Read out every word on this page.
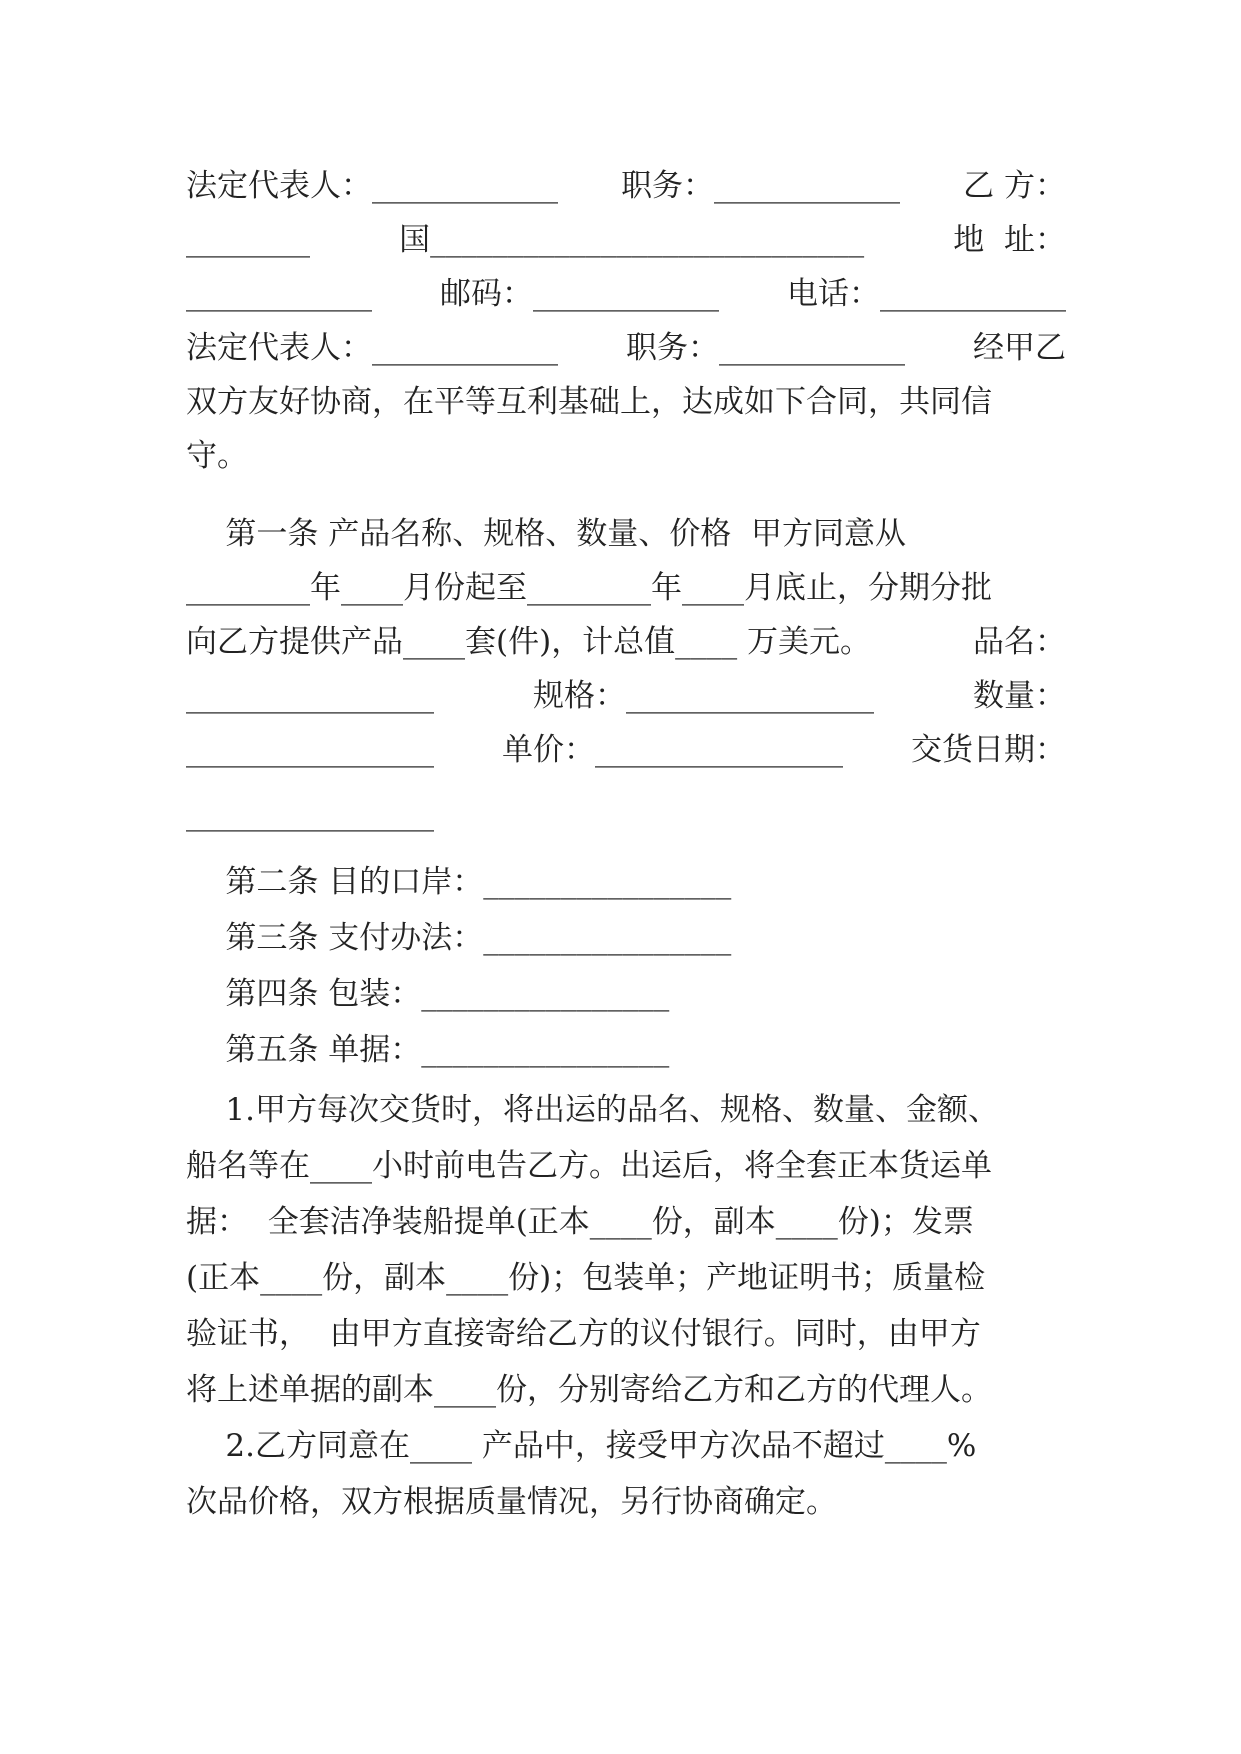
法定代表人：____________ 职务：____________ 乙 方：
________	国____________________________	地  址：
____________ 邮码：____________ 电话：____________
法定代表人：____________ 职务：____________ 经甲乙
双方友好协商，在平等互利基础上，达成如下合同，共同信
守。
第一条 产品名称、规格、数量、价格  甲方同意从
________年____月份起至________年____月底止，分期分批
向乙方提供产品____套(件)，计总值____ 万美元。	品名：
________________	规格：________________	数量：
________________ 单价：________________ 交货日期：
________________
第二条 目的口岸：________________
第三条 支付办法：________________
第四条 包装：________________
第五条 单据：________________
1.甲方每次交货时，将出运的品名、规格、数量、金额、
船名等在____小时前电告乙方。出运后，将全套正本货运单
据：  全套洁净装船提单(正本____份，副本____份)；发票
(正本____份，副本____份)；包装单；产地证明书；质量检
验证书，  由甲方直接寄给乙方的议付银行。同时，由甲方
将上述单据的副本____份，分别寄给乙方和乙方的代理人。
2.乙方同意在____ 产品中，接受甲方次品不超过____%
次品价格，双方根据质量情况，另行协商确定。
